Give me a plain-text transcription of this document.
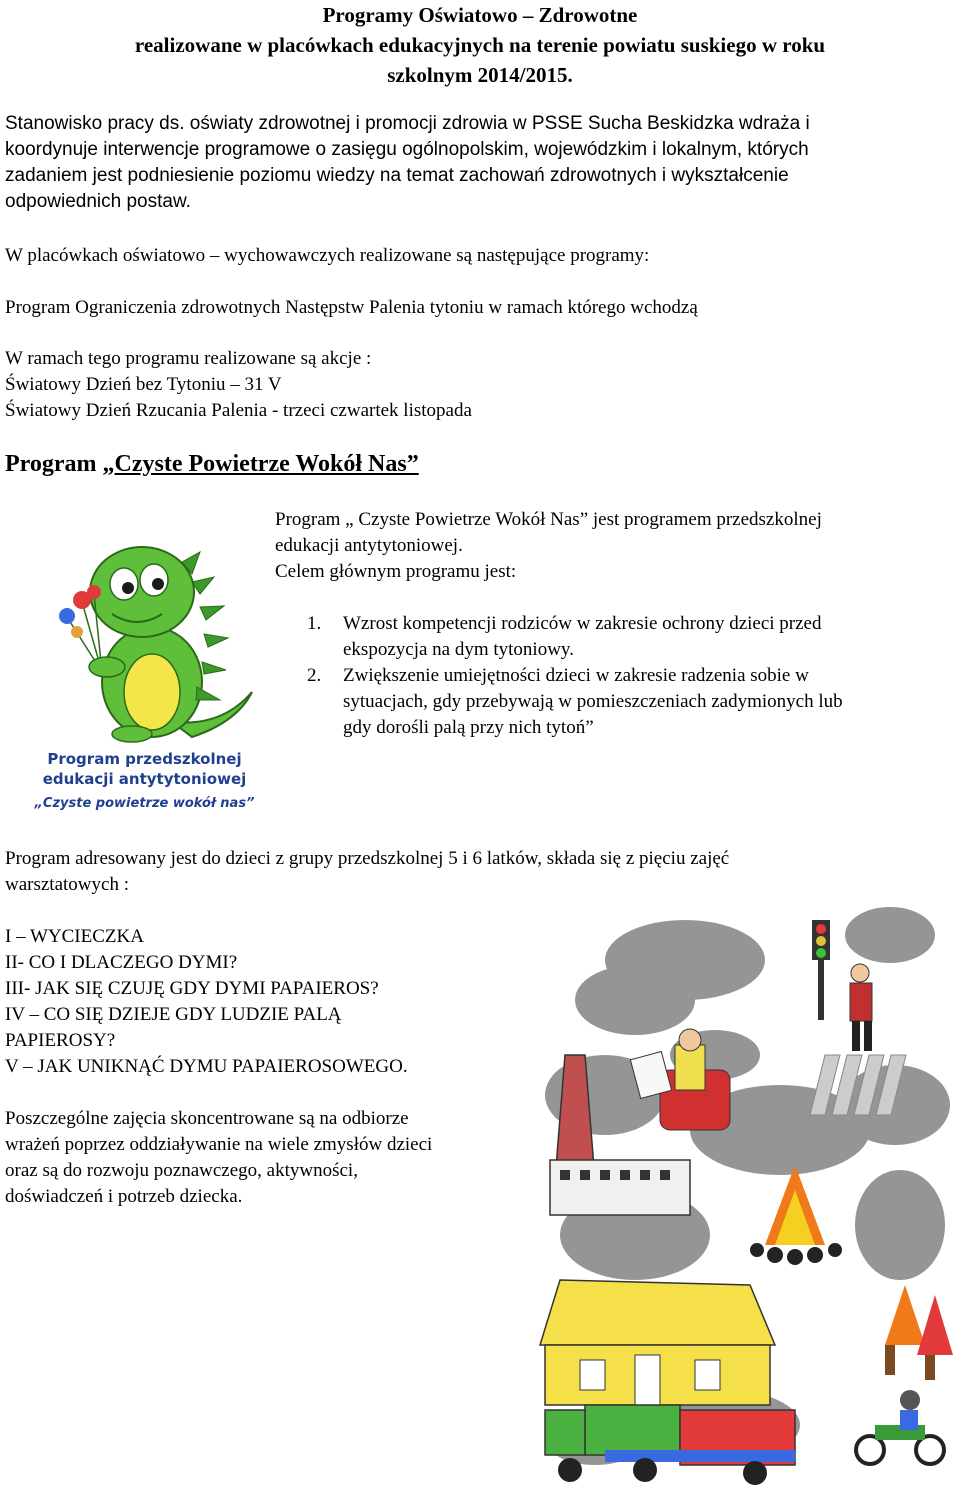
Programy Oświatowo – Zdrowotne
realizowane w placówkach edukacyjnych na terenie powiatu suskiego w roku
szkolnym 2014/2015.
Stanowisko pracy ds. oświaty zdrowotnej i promocji zdrowia w PSSE Sucha Beskidzka wdraża i
koordynuje interwencje programowe o zasięgu ogólnopolskim, wojewódzkim i lokalnym, których
zadaniem jest podniesienie poziomu wiedzy na temat zachowań zdrowotnych i wykształcenie
odpowiednich postaw.
W placówkach oświatowo – wychowawczych realizowane są następujące programy:
Program Ograniczenia zdrowotnych Następstw Palenia tytoniu w ramach którego wchodzą
W ramach tego programu realizowane są akcje :
Światowy Dzień bez Tytoniu – 31 V
Światowy Dzień Rzucania Palenia - trzeci czwartek listopada
Program „Czyste Powietrze Wokół Nas”
Program przedszkolnej
edukacji antytytoniowej
„Czyste powietrze wokół nas”
Program „ Czyste Powietrze Wokół Nas” jest programem przedszkolnej
edukacji antytytoniowej.
Celem głównym programu jest:
1. Wzrost kompetencji rodziców w zakresie ochrony dzieci przed
ekspozycja na dym tytoniowy.
2. Zwiększenie umiejętności dzieci w zakresie radzenia sobie w
sytuacjach, gdy przebywają w pomieszczeniach zadymionych lub
gdy dorośli palą przy nich tytoń”
Program adresowany jest do dzieci z grupy przedszkolnej 5 i 6 latków, składa się z pięciu zajęć
warsztatowych :
I – WYCIECZKA
II- CO I DLACZEGO DYMI?
III- JAK SIĘ CZUJĘ GDY DYMI PAPAIEROS?
IV – CO SIĘ DZIEJE GDY LUDZIE PALĄ
PAPIEROSY?
V – JAK UNIKNĄĆ DYMU PAPAIEROSOWEGO.
Poszczególne zajęcia skoncentrowane są na odbiorze
wrażeń poprzez oddziaływanie na wiele zmysłów dzieci
oraz są do rozwoju poznawczego, aktywności,
doświadczeń i potrzeb dziecka.
